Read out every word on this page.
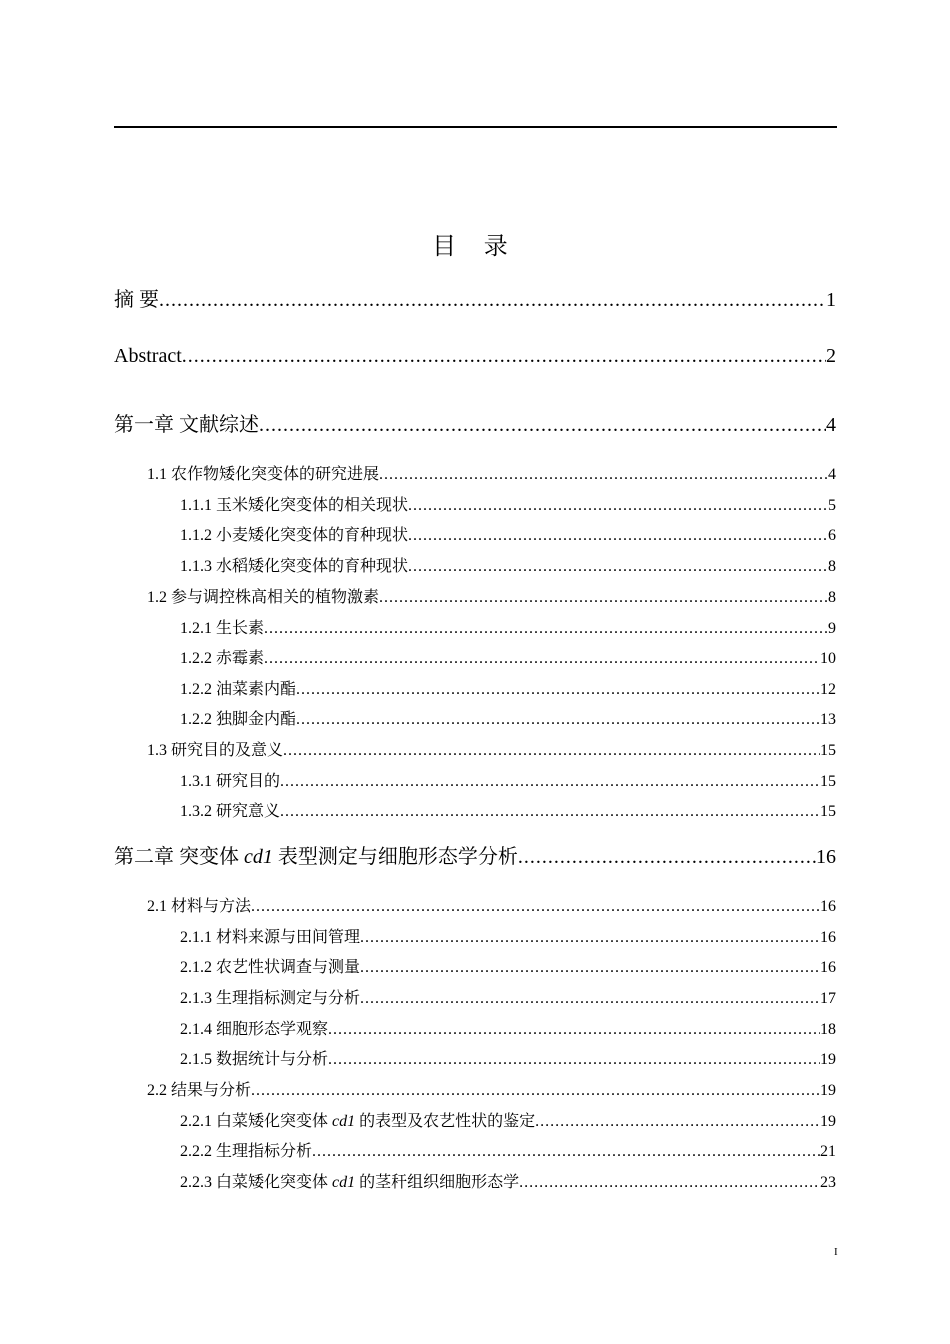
目 录
摘 要 .....	1
Abstract .....	2
第一章 文献综述 .....	4
1.1 农作物矮化突变体的研究进展 .....	4
1.1.1 玉米矮化突变体的相关现状 .....	5
1.1.2 小麦矮化突变体的育种现状 .....	6
1.1.3 水稻矮化突变体的育种现状 .....	8
1.2 参与调控株高相关的植物激素 .....	8
1.2.1 生长素 .....	9
1.2.2 赤霉素 .....	10
1.2.2 油菜素内酯 .....	12
1.2.2 独脚金内酯 .....	13
1.3 研究目的及意义 .....	15
1.3.1 研究目的 .....	15
1.3.2 研究意义 .....	15
第二章 突变体 cd1 表型测定与细胞形态学分析 .....	16
2.1 材料与方法 .....	16
2.1.1 材料来源与田间管理 .....	16
2.1.2 农艺性状调查与测量 .....	16
2.1.3 生理指标测定与分析 .....	17
2.1.4 细胞形态学观察 .....	18
2.1.5 数据统计与分析 .....	19
2.2 结果与分析 .....	19
2.2.1 白菜矮化突变体 cd1 的表型及农艺性状的鉴定 .....	19
2.2.2 生理指标分析 .....	21
2.2.3 白菜矮化突变体 cd1 的茎秆组织细胞形态学 .....	23
I
